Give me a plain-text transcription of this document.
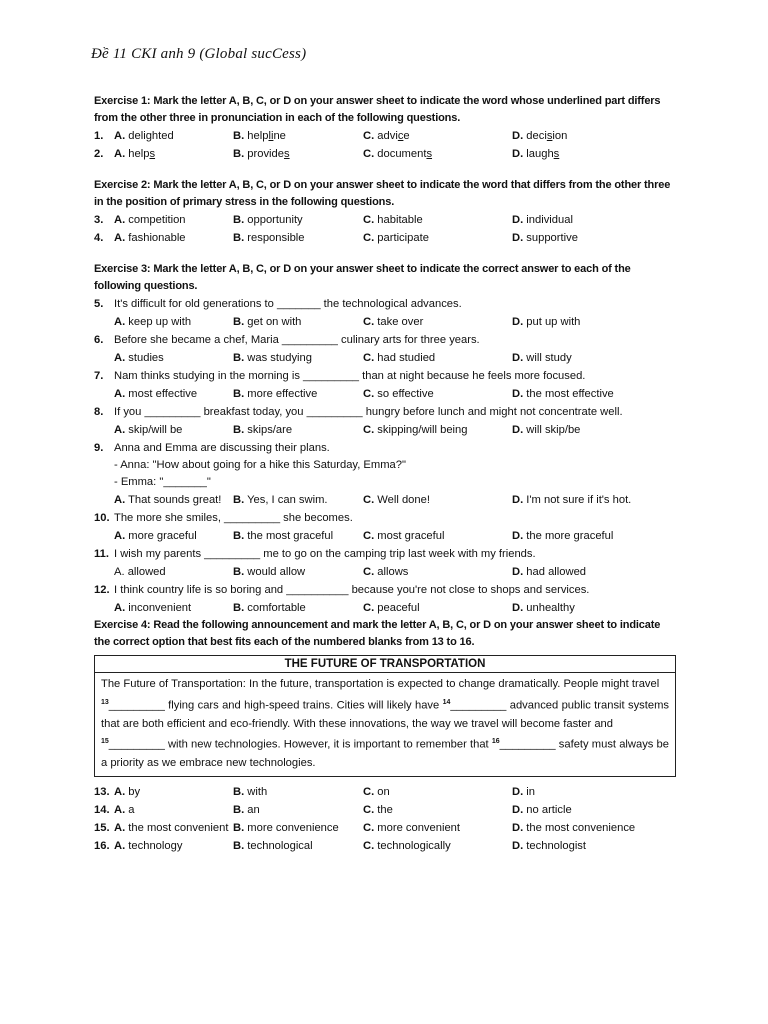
Đề 11 CKI anh 9 (Global sucCess)

Exercise 1: Mark the letter A, B, C, or D on your answer sheet to indicate the word whose underlined part differs from the other three in pronunciation in each of the following questions.

1. A. delighted	B. helpline	C. advice	D. decision
2. A. helps	B. provides	C. documents	D. laughs

Exercise 2: Mark the letter A, B, C, or D on your answer sheet to indicate the word that differs from the other three in the position of primary stress in the following questions.

3. A. competition	B. opportunity	C. habitable	D. individual
4. A. fashionable	B. responsible	C. participate	D. supportive

Exercise 3: Mark the letter A, B, C, or D on your answer sheet to indicate the correct answer to each of the following questions.

5. It's difficult for old generations to _______ the technological advances.
A. keep up with	B. get on with	C. take over	D. put up with
6. Before she became a chef, Maria _________ culinary arts for three years.
A. studies	B. was studying	C. had studied	D. will study
7. Nam thinks studying in the morning is _________ than at night because he feels more focused.
A. most effective	B. more effective	C. so effective	D. the most effective
8. If you _________ breakfast today, you _________ hungry before lunch and might not concentrate well.
A. skip/will be	B. skips/are	C. skipping/will being	D. will skip/be
9. Anna and Emma are discussing their plans.
- Anna: "How about going for a hike this Saturday, Emma?"
- Emma: "_______"
A. That sounds great! B. Yes, I can swim.	C. Well done!	D. I'm not sure if it's hot.
10. The more she smiles, _________ she becomes.
A. more graceful	B. the most graceful	C. most graceful	D. the more graceful
11. I wish my parents _________ me to go on the camping trip last week with my friends.
A. allowed	B. would allow	C. allows	D. had allowed
12. I think country life is so boring and __________ because you're not close to shops and services.
A. inconvenient	B. comfortable	C. peaceful	D. unhealthy

Exercise 4: Read the following announcement and mark the letter A, B, C, or D on your answer sheet to indicate the correct option that best fits each of the numbered blanks from 13 to 16.

THE FUTURE OF TRANSPORTATION
The Future of Transportation: In the future, transportation is expected to change dramatically. People might travel
$^{13}$_________ flying cars and high-speed trains. Cities will likely have $^{14}$_________ advanced public transit systems that are both efficient and eco-friendly. With these innovations, the way we travel will become faster and
$^{15}$_________ with new technologies. However, it is important to remember that $^{16}$_________ safety must always be a priority as we embrace new technologies.
13. A. by	B. with	C. on	D. in
14. A. a	B. an	C. the	D. no article
15. A. the most convenient B. more convenience C. more convenient	D. the most convenience
16. A. technology	B. technological	C. technologically	D. technologist
